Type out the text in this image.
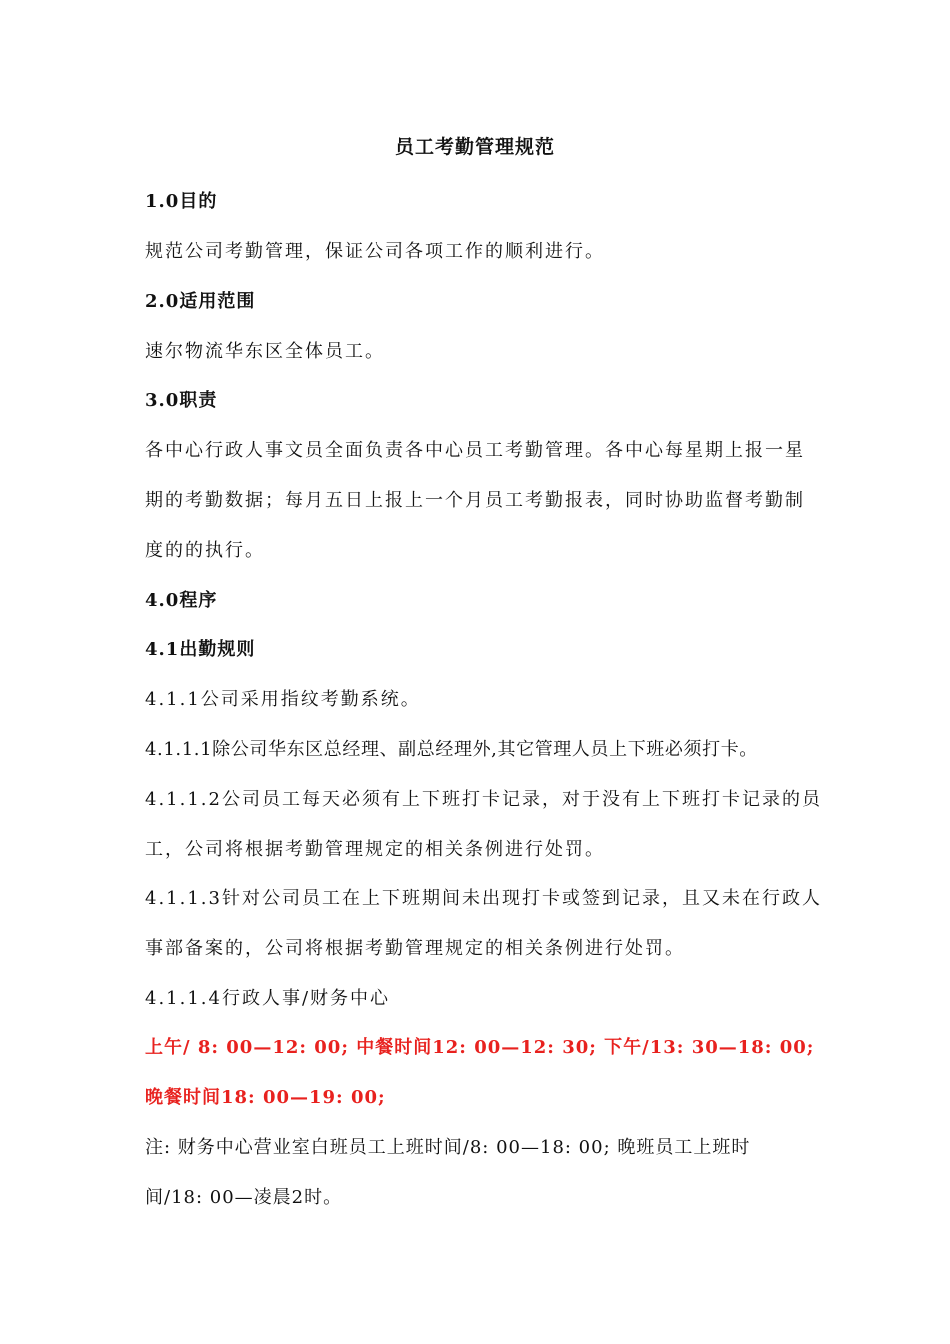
员工考勤管理规范
1.0目的
规范公司考勤管理，保证公司各项工作的顺利进行。
2.0适用范围
速尔物流华东区全体员工。
3.0职责
各中心行政人事文员全面负责各中心员工考勤管理。各中心每星期上报一星
期的考勤数据；每月五日上报上一个月员工考勤报表，同时协助监督考勤制
度的的执行。
4.0程序
4.1出勤规则
4.1.1公司采用指纹考勤系统。
4.1.1.1除公司华东区总经理、副总经理外,其它管理人员上下班必须打卡。
4.1.1.2公司员工每天必须有上下班打卡记录，对于没有上下班打卡记录的员
工，公司将根据考勤管理规定的相关条例进行处罚。
4.1.1.3针对公司员工在上下班期间未出现打卡或签到记录，且又未在行政人
事部备案的，公司将根据考勤管理规定的相关条例进行处罚。
4.1.1.4行政人事/财务中心
上午/ 8: 00—12: 00; 中餐时间12: 00—12: 30; 下午/13: 30—18: 00;
晚餐时间18: 00—19: 00;
注: 财务中心营业室白班员工上班时间/8: 00—18: 00; 晚班员工上班时
间/18: 00—凌晨2时。
